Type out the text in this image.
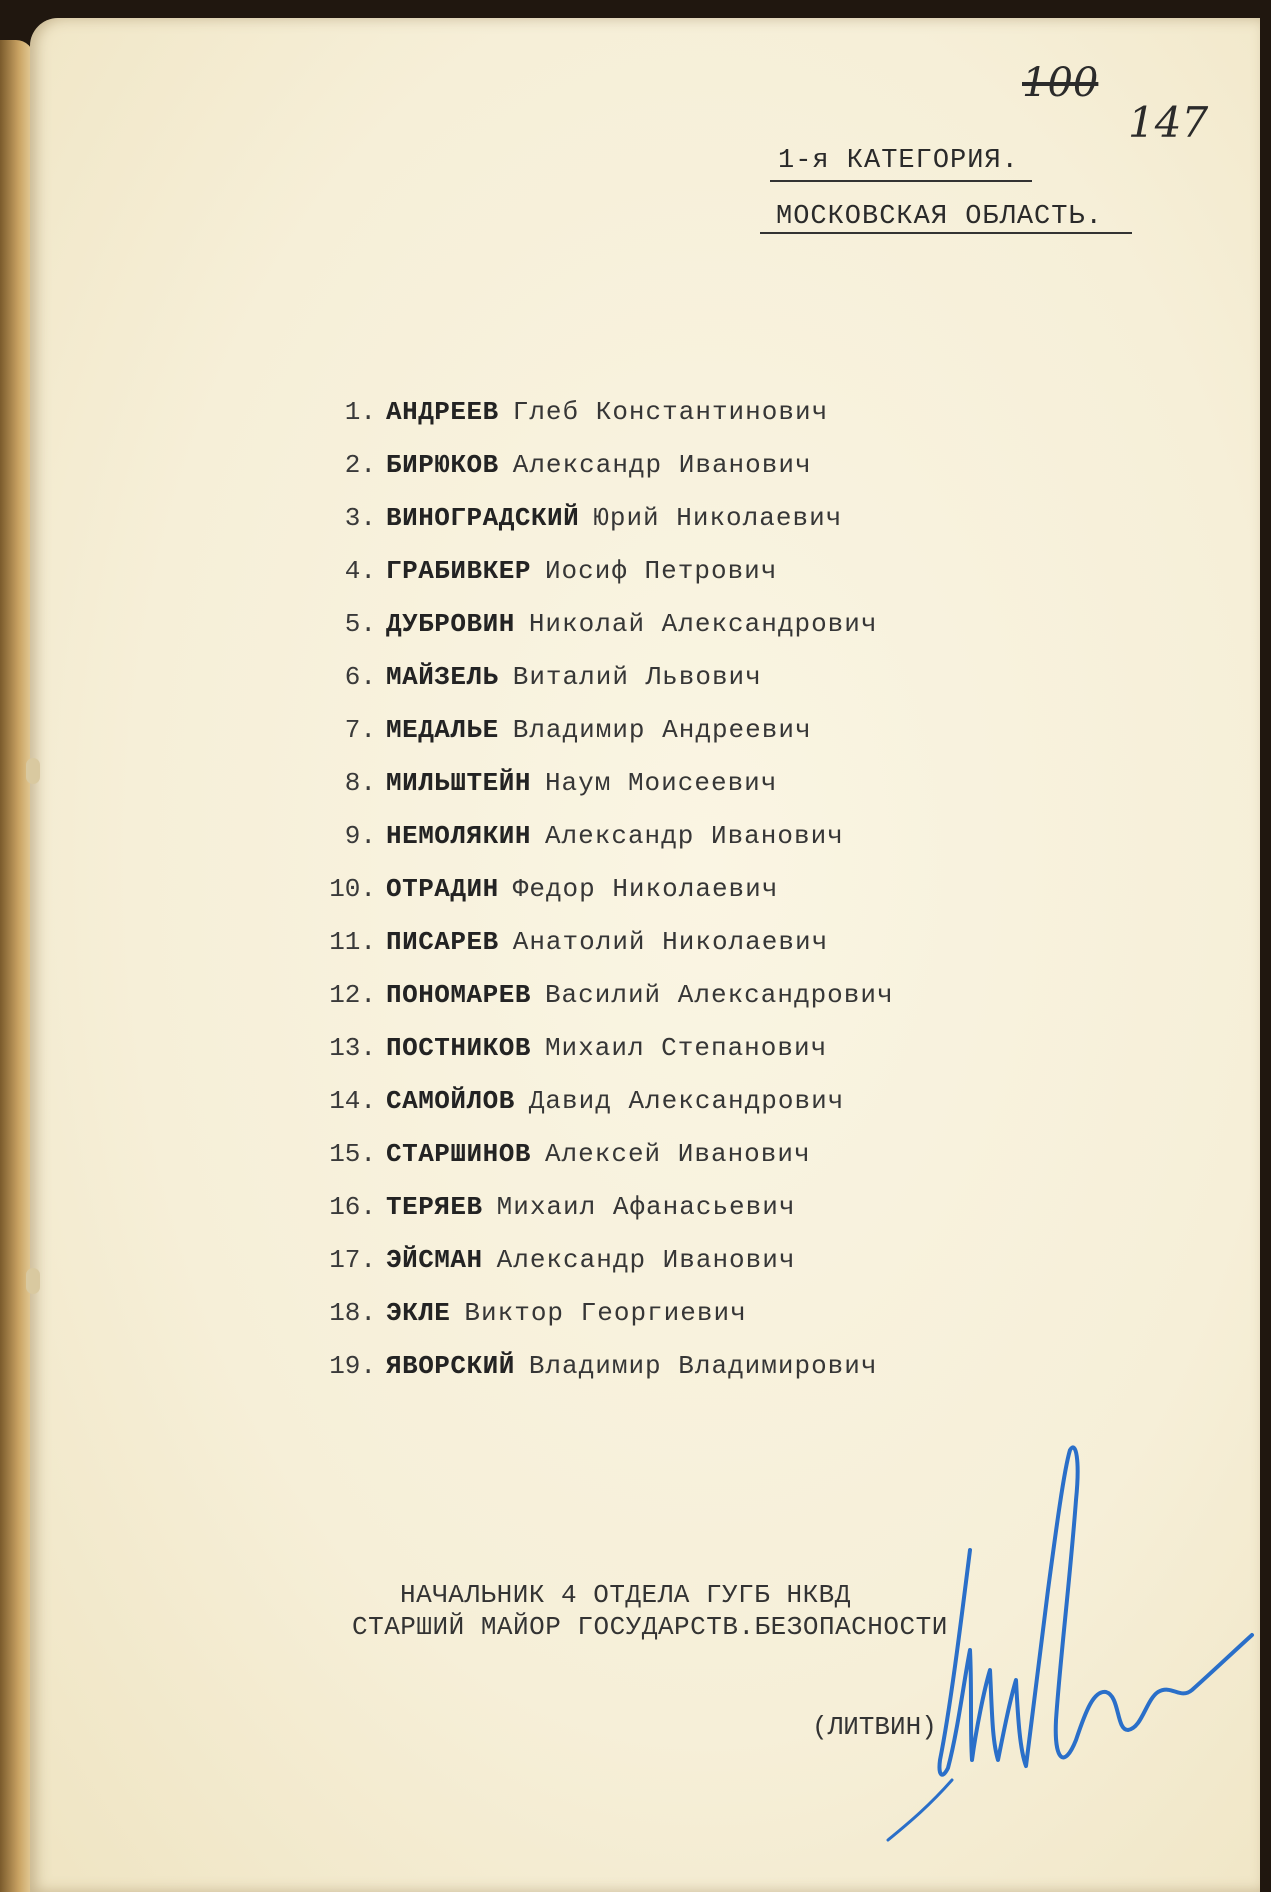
100
147
1-я КАТЕГОРИЯ.
МОСКОВСКАЯ ОБЛАСТЬ.
1. АНДРЕЕВ Глеб Константинович
2. БИРЮКОВ Александр Иванович
3. ВИНОГРАДСКИЙ Юрий Николаевич
4. ГРАБИВКЕР Иосиф Петрович
5. ДУБРОВИН Николай Александрович
6. МАЙЗЕЛЬ Виталий Львович
7. МЕДАЛЬЕ Владимир Андреевич
8. МИЛЬШТЕЙН Наум Моисеевич
9. НЕМОЛЯКИН Александр Иванович
10. ОТРАДИН Федор Николаевич
11. ПИСАРЕВ Анатолий Николаевич
12. ПОНОМАРЕВ Василий Александрович
13. ПОСТНИКОВ Михаил Степанович
14. САМОЙЛОВ Давид Александрович
15. СТАРШИНОВ Алексей Иванович
16. ТЕРЯЕВ Михаил Афанасьевич
17. ЭЙСМАН Александр Иванович
18. ЭКЛЕ Виктор Георгиевич
19. ЯВОРСКИЙ Владимир Владимирович
НАЧАЛЬНИК 4 ОТДЕЛА ГУГБ НКВД
СТАРШИЙ МАЙОР ГОСУДАРСТВ.БЕЗОПАСНОСТИ
(ЛИТВИН)
